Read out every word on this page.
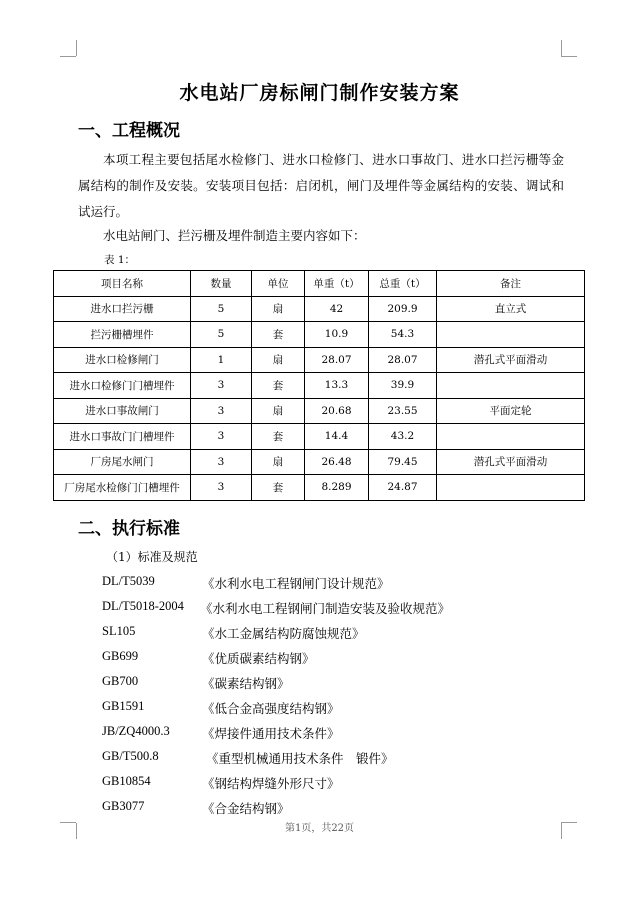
水电站厂房标闸门制作安装方案
一、工程概况
本项工程主要包括尾水检修门、进水口检修门、进水口事故门、进水口拦污栅等金属结构的制作及安装。安装项目包括：启闭机，闸门及埋件等金属结构的安装、调试和试运行。
水电站闸门、拦污栅及埋件制造主要内容如下：
表 1：
项目名称	数量	单位	单重（t）	总重（t）	备注
进水口拦污栅	5	扇	42	209.9	直立式
拦污栅槽埋件	5	套	10.9	54.3	
进水口检修闸门	1	扇	28.07	28.07	潜孔式平面滑动
进水口检修门门槽埋件	3	套	13.3	39.9	
进水口事故闸门	3	扇	20.68	23.55	平面定轮
进水口事故门门槽埋件	3	套	14.4	43.2	
厂房尾水闸门	3	扇	26.48	79.45	潜孔式平面滑动
厂房尾水检修门门槽埋件	3	套	8.289	24.87	
二、执行标准
（1）标准及规范
DL/T5039	《水利水电工程钢闸门设计规范》
DL/T5018-2004 《水利水电工程钢闸门制造安装及验收规范》
SL105	《水工金属结构防腐蚀规范》
GB699	《优质碳素结构钢》
GB700	《碳素结构钢》
GB1591	《低合金高强度结构钢》
JB/ZQ4000.3	《焊接件通用技术条件》
GB/T500.8	《重型机械通用技术条件　锻件》
GB10854	《钢结构焊缝外形尺寸》
GB3077	《合金结构钢》
第1页，共22页
